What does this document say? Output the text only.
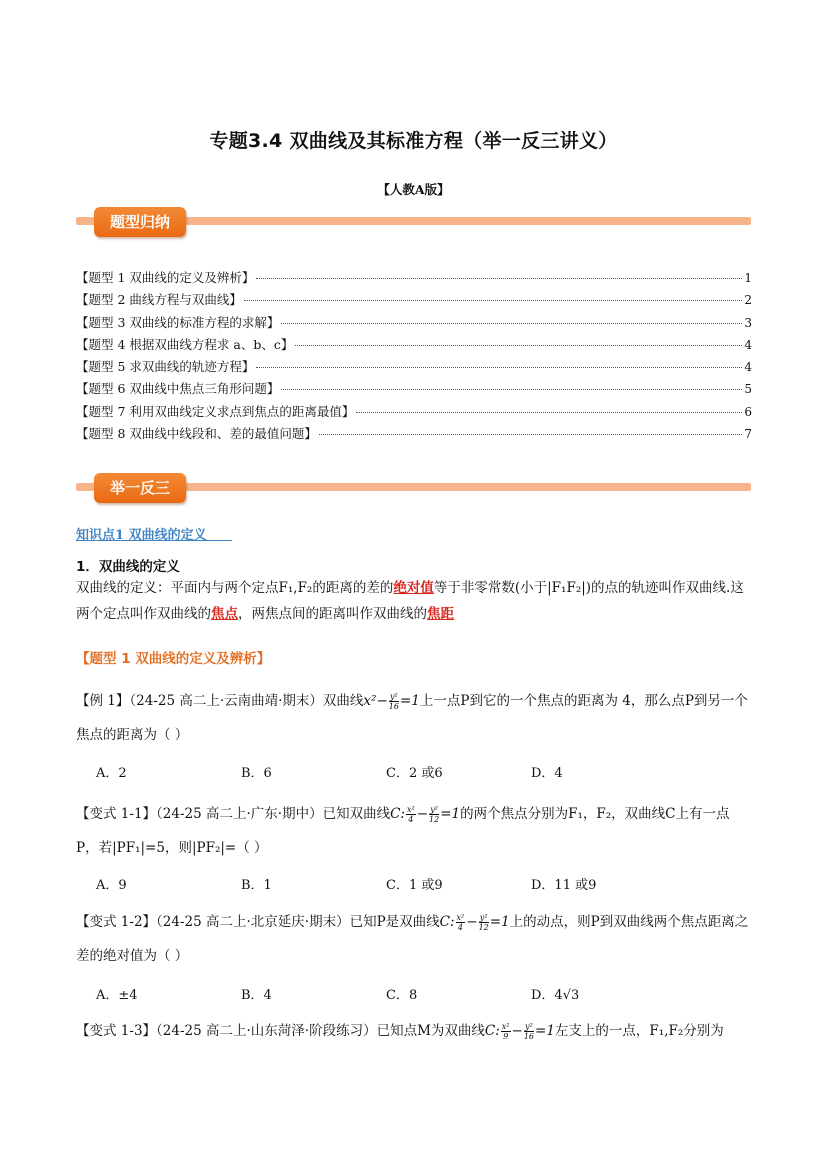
专题3.4 双曲线及其标准方程（举一反三讲义）
【人教A版】
题型归纳
【题型 1 双曲线的定义及辨析】	1
【题型 2 曲线方程与双曲线】	2
【题型 3 双曲线的标准方程的求解】	3
【题型 4 根据双曲线方程求 a、b、c】	4
【题型 5 求双曲线的轨迹方程】	4
【题型 6 双曲线中焦点三角形问题】	5
【题型 7 利用双曲线定义求点到焦点的距离最值】	6
【题型 8 双曲线中线段和、差的最值问题】	7
举一反三
知识点1 双曲线的定义
1．双曲线的定义
双曲线的定义：平面内与两个定点F₁,F₂的距离的差的绝对值等于非零常数(小于|F₁F₂|)的点的轨迹叫作双曲线.这两个定点叫作双曲线的焦点，两焦点间的距离叫作双曲线的焦距
【题型 1 双曲线的定义及辨析】
【例 1】（24-25 高二上·云南曲靖·期末）双曲线$x^2- \frac{\text{y²}}{16} =1$上一点P到它的一个焦点的距离为 4，那么点P到另一个焦点的距离为（ ）
A．2	B．6	C．2 或6	D．4
【变式 1-1】（24-25 高二上·广东·期中）已知双曲线C: $\frac{\text{x²}}{4} - \frac{\text{y²}}{12} =1$的两个焦点分别为F₁，F₂，双曲线C上有一点P，若|PF₁|=5，则|PF₂|=（ ）
A．9	B．1	C．1 或9	D．11 或9
【变式 1-2】（24-25 高二上·北京延庆·期末）已知P是双曲线C: $\frac{\text{x²}}{4} - \frac{\text{y²}}{12} =1$上的动点，则P到双曲线两个焦点距离之差的绝对值为（ ）
A．±4	B．4	C．8	D．4√3
【变式 1-3】（24-25 高二上·山东菏泽·阶段练习）已知点M为双曲线C: $\frac{\text{x²}}{9} - \frac{\text{y²}}{16} =1$左支上的一点，F₁,F₂分别为
